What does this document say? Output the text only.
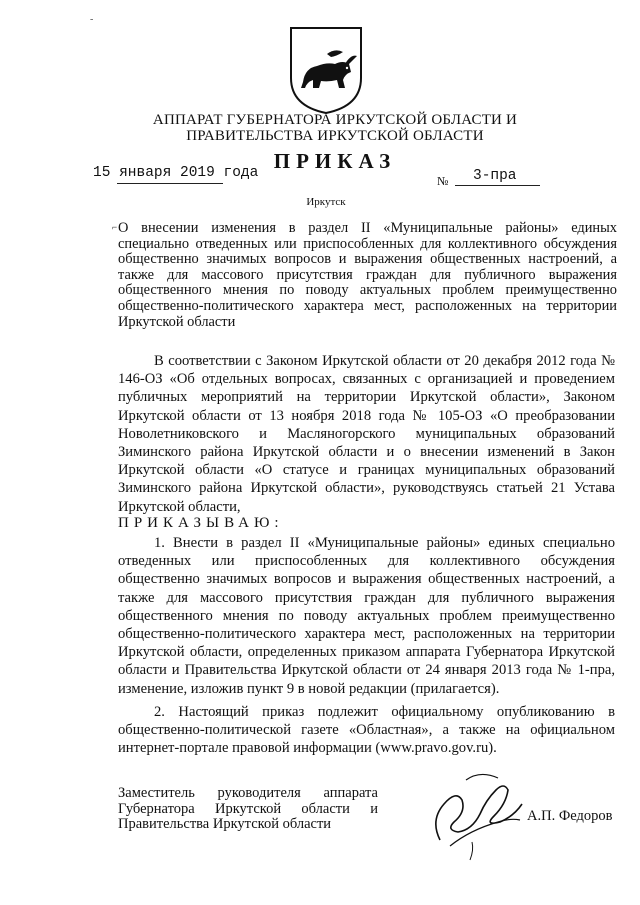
-
АППАРАТ ГУБЕРНАТОРА ИРКУТСКОЙ ОБЛАСТИ И
ПРАВИТЕЛЬСТВА ИРКУТСКОЙ ОБЛАСТИ
ПРИКАЗ
15 января 2019 года	№ 3-пра
Иркутск
⌐ О внесении изменения в раздел II «Муниципальные районы» единых специально отведенных или приспособленных для коллективного обсуждения общественно значимых вопросов и выражения общественных настроений, а также для массового присутствия граждан для публичного выражения общественного мнения по поводу актуальных проблем преимущественно общественно-политического характера мест, расположенных на территории Иркутской области

В соответствии с Законом Иркутской области от 20 декабря 2012 года № 146-ОЗ «Об отдельных вопросах, связанных с организацией и проведением публичных мероприятий на территории Иркутской области», Законом Иркутской области от 13 ноября 2018 года № 105-ОЗ «О преобразовании Новолетниковского и Масляногорского муниципальных образований Зиминского района Иркутской области и о внесении изменений в Закон Иркутской области «О статусе и границах муниципальных образований Зиминского района Иркутской области», руководствуясь статьей 21 Устава Иркутской области,

ПРИКАЗЫВАЮ:

1. Внести в раздел II «Муниципальные районы» единых специально отведенных или приспособленных для коллективного обсуждения общественно значимых вопросов и выражения общественных настроений, а также для массового присутствия граждан для публичного выражения общественного мнения по поводу актуальных проблем преимущественно общественно-политического характера мест, расположенных на территории Иркутской области, определенных приказом аппарата Губернатора Иркутской области и Правительства Иркутской области от 24 января 2013 года № 1-пра, изменение, изложив пункт 9 в новой редакции (прилагается).

2. Настоящий приказ подлежит официальному опубликованию в общественно-политической газете «Областная», а также на официальном интернет-портале правовой информации (www.pravo.gov.ru).

Заместитель руководителя аппарата
Губернатора Иркутской области и
Правительства Иркутской области	А.П. Федоров
